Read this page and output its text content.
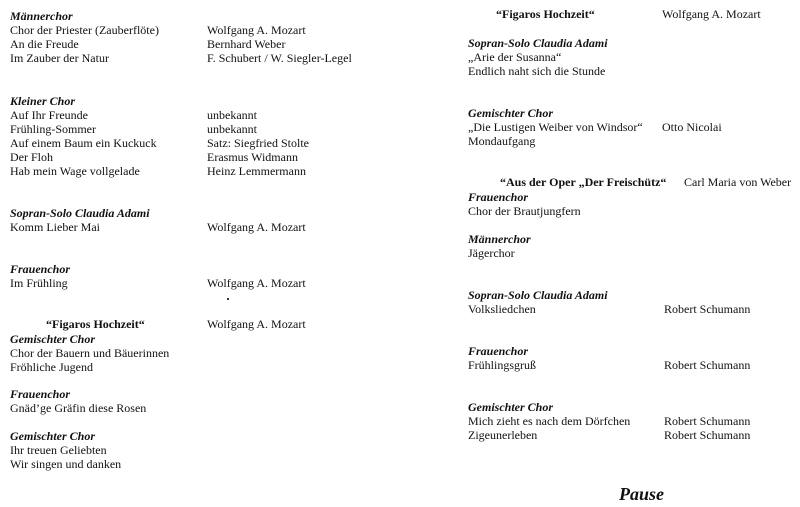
Männerchor
Chor der Priester (Zauberflöte)	Wolfgang A. Mozart
An die Freude	Bernhard Weber
Im Zauber der Natur	F. Schubert / W. Siegler-Legel
Kleiner Chor
Auf Ihr Freunde	unbekannt
Frühling-Sommer	unbekannt
Auf einem Baum ein Kuckuck	Satz: Siegfried Stolte
Der Floh	Erasmus Widmann
Hab mein Wage vollgelade	Heinz Lemmermann
Sopran-Solo Claudia Adami
Komm Lieber Mai	Wolfgang A. Mozart
Frauenchor
Im Frühling	Wolfgang A. Mozart
“Figaros Hochzeit“	Wolfgang A. Mozart
Gemischter Chor
Chor der Bauern und Bäuerinnen
Fröhliche Jugend
Frauenchor
Gnäd’ge Gräfin diese Rosen
Gemischter Chor
Ihr treuen Geliebten
Wir singen und danken
“Figaros Hochzeit“	Wolfgang A. Mozart
Sopran-Solo Claudia Adami
„Arie der Susanna“
Endlich naht sich die Stunde
Gemischter Chor
„Die Lustigen Weiber von Windsor“ Otto Nicolai
Mondaufgang
“Aus der Oper „Der Freischütz“ Carl Maria von Weber
Frauenchor
Chor der Brautjungfern
Männerchor
Jägerchor
Sopran-Solo Claudia Adami
Volksliedchen	Robert Schumann
Frauenchor
Frühlingsgruß	Robert Schumann
Gemischter Chor
Mich zieht es nach dem Dörfchen	Robert Schumann
Zigeunerleben	Robert Schumann
Pause
